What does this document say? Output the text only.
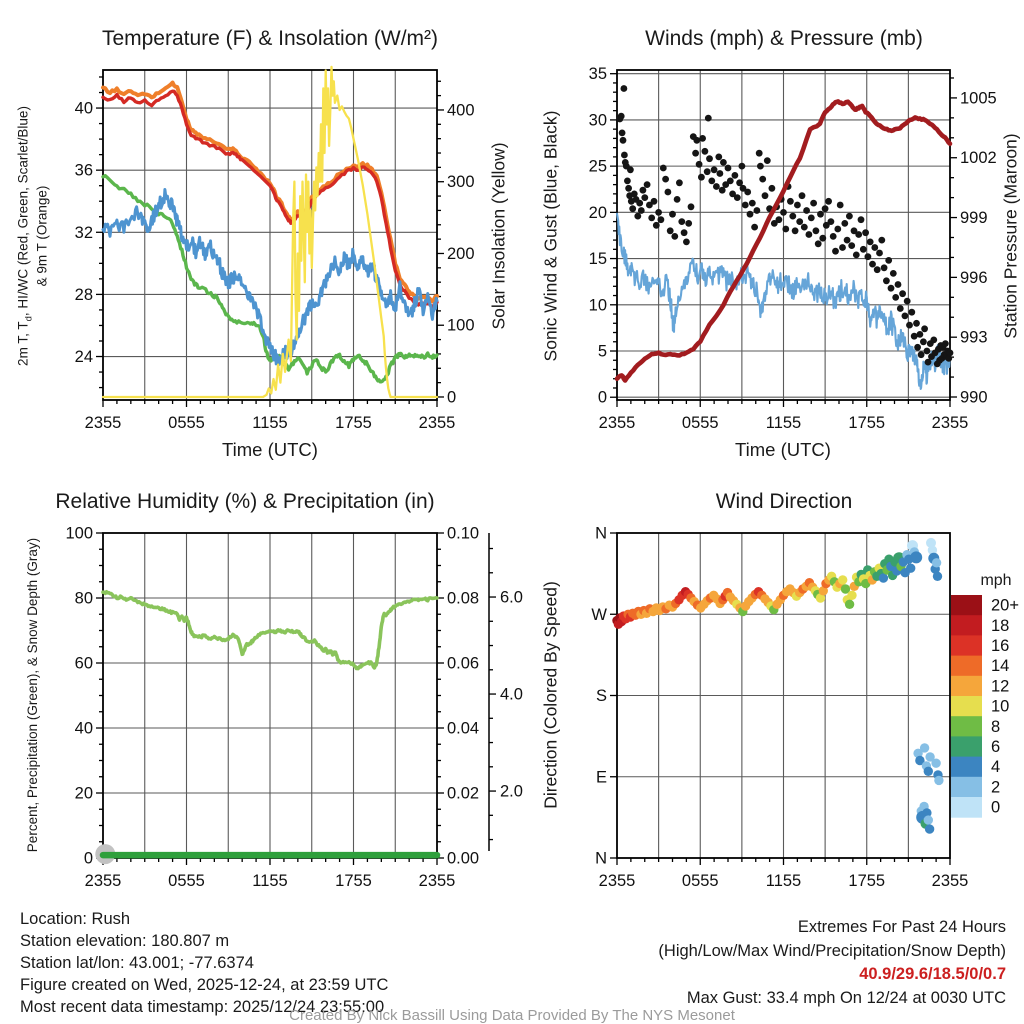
40
36
32
28
24
400
300
200
100
0
2355	0555	1155	1755	2355
35
30
25
20
15
10
5
0
1005
1002
999
996
993
990
2355	0555	1155	1755	2355
100
80
60
40
20
0
0.10
0.08
0.06
0.04
0.02
0.00
6.0
4.0
2.0
2355	0555	1155	1755	2355
N
W
S
E
N
2355	0555	1155	1755	2355
20+
18
16
14
12
10
8
6
4
2
0
Temperature (F) & Insolation (W/m²)	Winds (mph) & Pressure (mb)
Relative Humidity (%) & Precipitation (in)	Wind Direction
2m T, $T_d$, HI/WC (Red, Green, Scarlet/Blue) & 9m T (Orange)	Solar Insolation (Yellow) Sonic Wind & Gust (Blue, Black)	Station Pressure (Maroon)
Percent, Precipitation (Green), & Snow Depth (Gray)	Direction (Colored By Speed)
Time (UTC)	Time (UTC)
mph
Location: Rush
Station elevation: 180.807 m
Station lat/lon: 43.001; -77.6374
Figure created on Wed, 2025-12-24, at 23:59 UTC
Most recent data timestamp: 2025/12/24 23:55:00
Extremes For Past 24 Hours
(High/Low/Max Wind/Precipitation/Snow Depth)
40.9/29.6/18.5/0/0.7
Max Gust: 33.4 mph On 12/24 at 0030 UTC
Created By Nick Bassill Using Data Provided By The NYS Mesonet
